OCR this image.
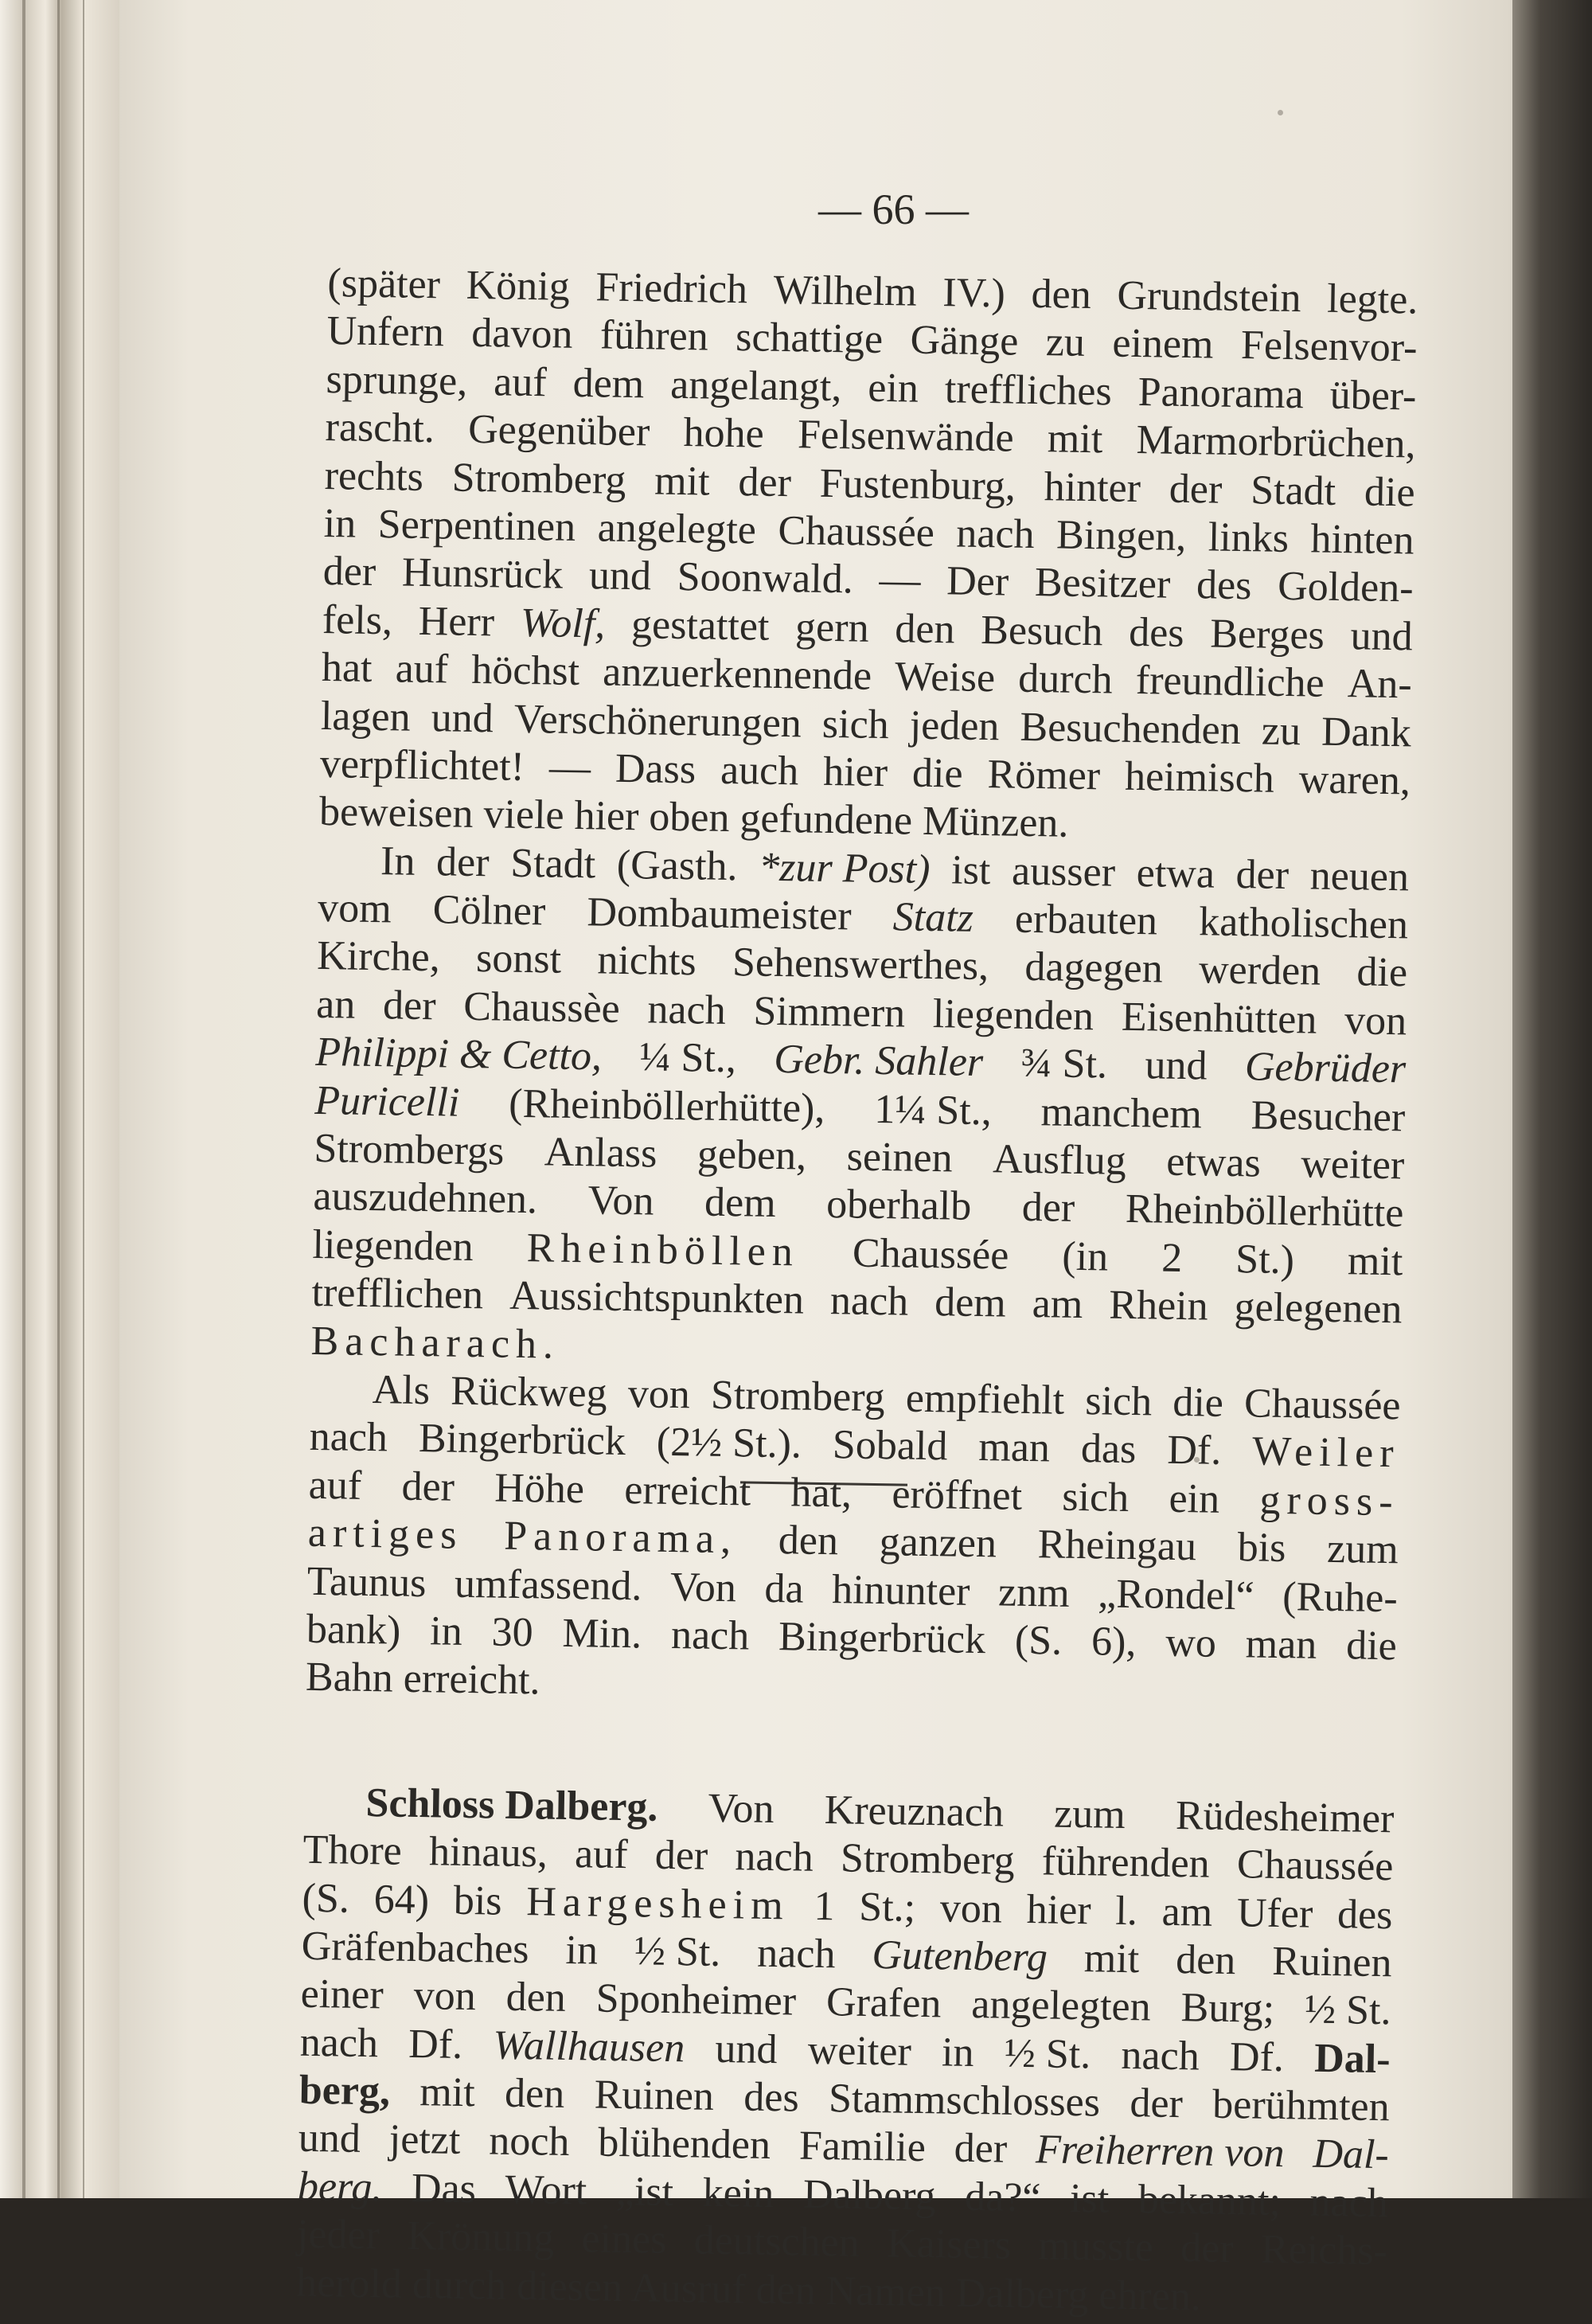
— 66 —
(später König Friedrich Wilhelm IV.) den Grundstein legte.
Unfern davon führen schattige Gänge zu einem Felsenvor-
sprunge, auf dem angelangt, ein treffliches Panorama über-
rascht. Gegenüber hohe Felsenwände mit Marmorbrüchen,
rechts Stromberg mit der Fustenburg, hinter der Stadt die
in Serpentinen angelegte Chaussée nach Bingen, links hinten
der Hunsrück und Soonwald. — Der Besitzer des Golden-
fels, Herr Wolf, gestattet gern den Besuch des Berges und
hat auf höchst anzuerkennende Weise durch freundliche An-
lagen und Verschönerungen sich jeden Besuchenden zu Dank
verpflichtet! — Dass auch hier die Römer heimisch waren,
beweisen viele hier oben gefundene Münzen.
In der Stadt (Gasth. *zur Post) ist ausser etwa der neuen
vom Cölner Dombaumeister Statz erbauten katholischen
Kirche, sonst nichts Sehenswerthes, dagegen werden die
an der Chaussèe nach Simmern liegenden Eisenhütten von
Philippi & Cetto, ¼ St., Gebr. Sahler ¾ St. und Gebrüder
Puricelli (Rheinböllerhütte), 1¼ St., manchem Besucher
Strombergs Anlass geben, seinen Ausflug etwas weiter
auszudehnen. Von dem oberhalb der Rheinböllerhütte
liegenden Rheinböllen Chaussée (in 2 St.) mit
trefflichen Aussichtspunkten nach dem am Rhein gelegenen
Bacharach.
Als Rückweg von Stromberg empfiehlt sich die Chaussée
nach Bingerbrück (2½ St.). Sobald man das Df. Weiler
auf der Höhe erreicht hat, eröffnet sich ein gross-
artiges Panorama, den ganzen Rheingau bis zum
Taunus umfassend. Von da hinunter znm „Rondel“ (Ruhe-
bank) in 30 Min. nach Bingerbrück (S. 6), wo man die
Bahn erreicht.
Schloss Dalberg. Von Kreuznach zum Rüdesheimer
Thore hinaus, auf der nach Stromberg führenden Chaussée
(S. 64) bis Hargesheim 1 St.; von hier l. am Ufer des
Gräfenbaches in ½ St. nach Gutenberg mit den Ruinen
einer von den Sponheimer Grafen angelegten Burg; ½ St.
nach Df. Wallhausen und weiter in ½ St. nach Df. Dal-
berg, mit den Ruinen des Stammschlosses der berühmten
und jetzt noch blühenden Familie der Freiherren von Dal-
berg. Das Wort „ist kein Dalberg da?“ ist bekannt; nach
jeder Krönung eines deutschen Kaisers musste der Reichs-
herold durch diesen Ausruf den Namen Dalberg ehren.
